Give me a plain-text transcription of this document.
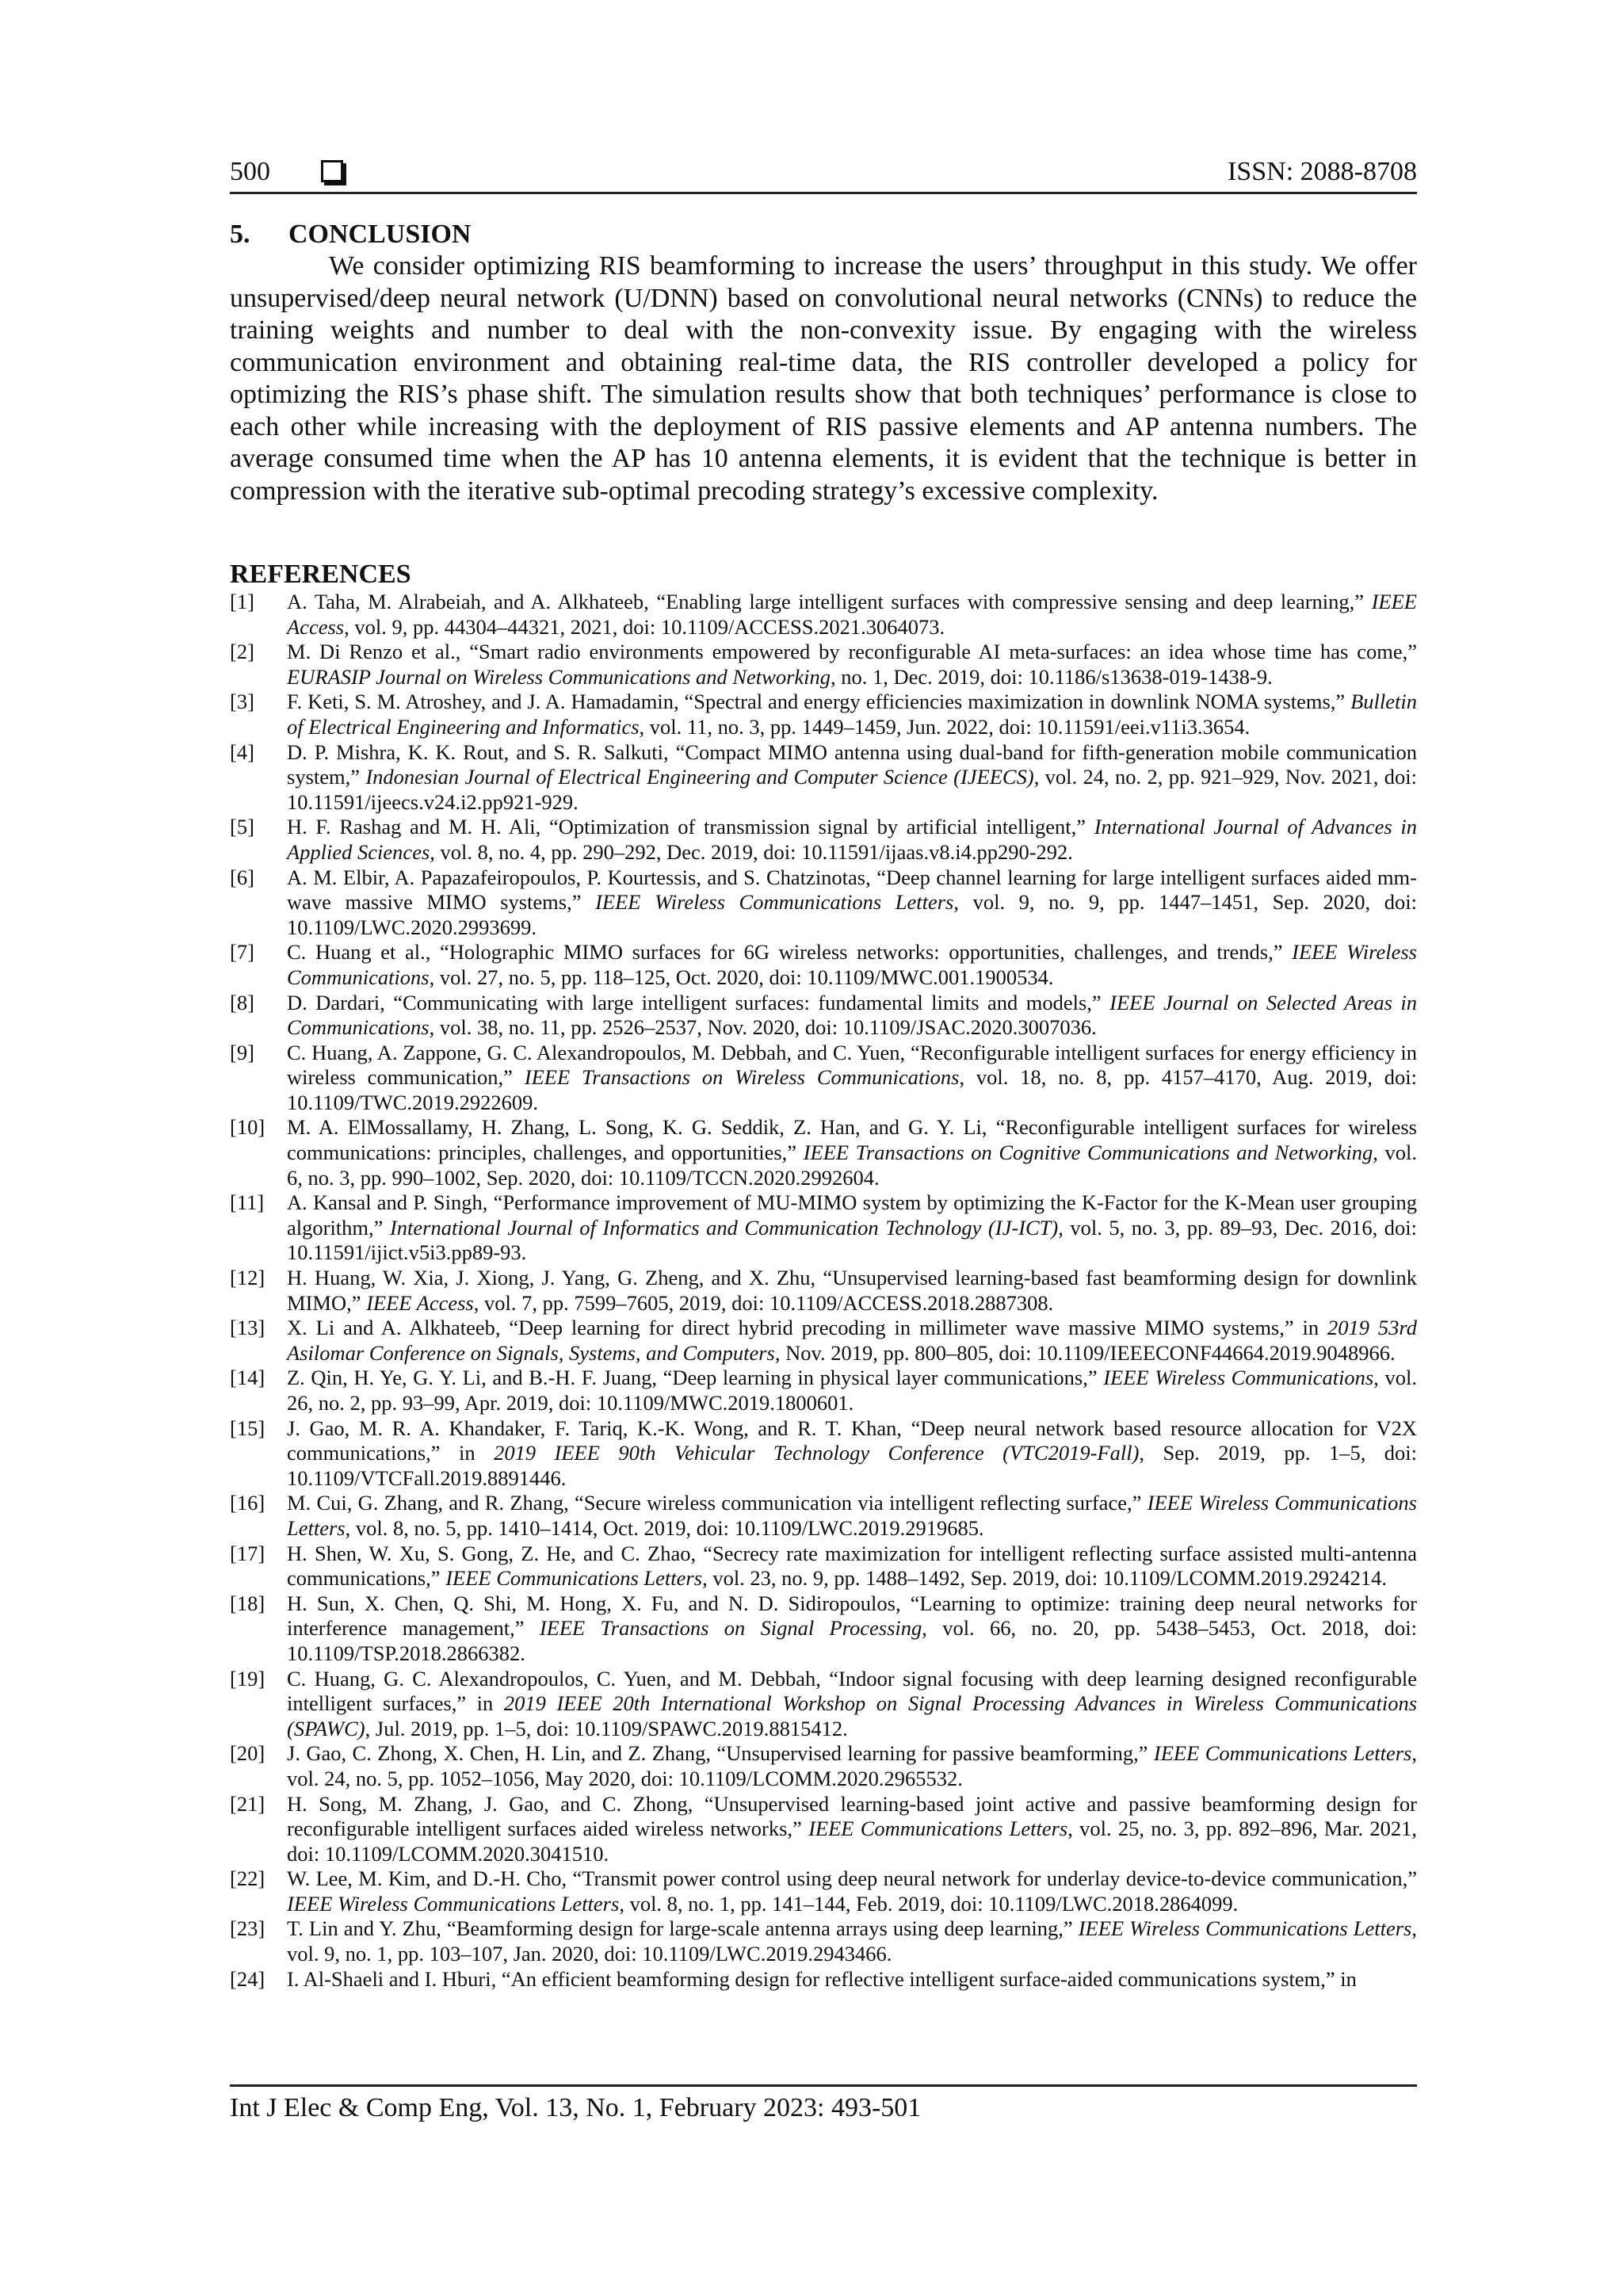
500	ISSN: 2088-8708
5. CONCLUSION

We consider optimizing RIS beamforming to increase the users’ throughput in this study. We offer unsupervised/deep neural network (U/DNN) based on convolutional neural networks (CNNs) to reduce the training weights and number to deal with the non-convexity issue. By engaging with the wireless communication environment and obtaining real-time data, the RIS controller developed a policy for optimizing the RIS’s phase shift. The simulation results show that both techniques’ performance is close to each other while increasing with the deployment of RIS passive elements and AP antenna numbers. The average consumed time when the AP has 10 antenna elements, it is evident that the technique is better in compression with the iterative sub-optimal precoding strategy’s excessive complexity.

REFERENCES
[1] A. Taha, M. Alrabeiah, and A. Alkhateeb, “Enabling large intelligent surfaces with compressive sensing and deep learning,” IEEE Access, vol. 9, pp. 44304–44321, 2021, doi: 10.1109/ACCESS.2021.3064073.
[2] M. Di Renzo et al., “Smart radio environments empowered by reconfigurable AI meta-surfaces: an idea whose time has come,” EURASIP Journal on Wireless Communications and Networking, no. 1, Dec. 2019, doi: 10.1186/s13638-019-1438-9.
[3] F. Keti, S. M. Atroshey, and J. A. Hamadamin, “Spectral and energy efficiencies maximization in downlink NOMA systems,” Bulletin of Electrical Engineering and Informatics, vol. 11, no. 3, pp. 1449–1459, Jun. 2022, doi: 10.11591/eei.v11i3.3654.
[4] D. P. Mishra, K. K. Rout, and S. R. Salkuti, “Compact MIMO antenna using dual-band for fifth-generation mobile communication system,” Indonesian Journal of Electrical Engineering and Computer Science (IJEECS), vol. 24, no. 2, pp. 921–929, Nov. 2021, doi: 10.11591/ijeecs.v24.i2.pp921-929.
[5] H. F. Rashag and M. H. Ali, “Optimization of transmission signal by artificial intelligent,” International Journal of Advances in Applied Sciences, vol. 8, no. 4, pp. 290–292, Dec. 2019, doi: 10.11591/ijaas.v8.i4.pp290-292.
[6] A. M. Elbir, A. Papazafeiropoulos, P. Kourtessis, and S. Chatzinotas, “Deep channel learning for large intelligent surfaces aided mm-wave massive MIMO systems,” IEEE Wireless Communications Letters, vol. 9, no. 9, pp. 1447–1451, Sep. 2020, doi: 10.1109/LWC.2020.2993699.
[7] C. Huang et al., “Holographic MIMO surfaces for 6G wireless networks: opportunities, challenges, and trends,” IEEE Wireless Communications, vol. 27, no. 5, pp. 118–125, Oct. 2020, doi: 10.1109/MWC.001.1900534.
[8] D. Dardari, “Communicating with large intelligent surfaces: fundamental limits and models,” IEEE Journal on Selected Areas in Communications, vol. 38, no. 11, pp. 2526–2537, Nov. 2020, doi: 10.1109/JSAC.2020.3007036.
[9] C. Huang, A. Zappone, G. C. Alexandropoulos, M. Debbah, and C. Yuen, “Reconfigurable intelligent surfaces for energy efficiency in wireless communication,” IEEE Transactions on Wireless Communications, vol. 18, no. 8, pp. 4157–4170, Aug. 2019, doi: 10.1109/TWC.2019.2922609.
[10] M. A. ElMossallamy, H. Zhang, L. Song, K. G. Seddik, Z. Han, and G. Y. Li, “Reconfigurable intelligent surfaces for wireless communications: principles, challenges, and opportunities,” IEEE Transactions on Cognitive Communications and Networking, vol. 6, no. 3, pp. 990–1002, Sep. 2020, doi: 10.1109/TCCN.2020.2992604.
[11] A. Kansal and P. Singh, “Performance improvement of MU-MIMO system by optimizing the K-Factor for the K-Mean user grouping algorithm,” International Journal of Informatics and Communication Technology (IJ-ICT), vol. 5, no. 3, pp. 89–93, Dec. 2016, doi: 10.11591/ijict.v5i3.pp89-93.
[12] H. Huang, W. Xia, J. Xiong, J. Yang, G. Zheng, and X. Zhu, “Unsupervised learning-based fast beamforming design for downlink MIMO,” IEEE Access, vol. 7, pp. 7599–7605, 2019, doi: 10.1109/ACCESS.2018.2887308.
[13] X. Li and A. Alkhateeb, “Deep learning for direct hybrid precoding in millimeter wave massive MIMO systems,” in 2019 53rd Asilomar Conference on Signals, Systems, and Computers, Nov. 2019, pp. 800–805, doi: 10.1109/IEEECONF44664.2019.9048966.
[14] Z. Qin, H. Ye, G. Y. Li, and B.-H. F. Juang, “Deep learning in physical layer communications,” IEEE Wireless Communications, vol. 26, no. 2, pp. 93–99, Apr. 2019, doi: 10.1109/MWC.2019.1800601.
[15] J. Gao, M. R. A. Khandaker, F. Tariq, K.-K. Wong, and R. T. Khan, “Deep neural network based resource allocation for V2X communications,” in 2019 IEEE 90th Vehicular Technology Conference (VTC2019-Fall), Sep. 2019, pp. 1–5, doi: 10.1109/VTCFall.2019.8891446.
[16] M. Cui, G. Zhang, and R. Zhang, “Secure wireless communication via intelligent reflecting surface,” IEEE Wireless Communications Letters, vol. 8, no. 5, pp. 1410–1414, Oct. 2019, doi: 10.1109/LWC.2019.2919685.
[17] H. Shen, W. Xu, S. Gong, Z. He, and C. Zhao, “Secrecy rate maximization for intelligent reflecting surface assisted multi-antenna communications,” IEEE Communications Letters, vol. 23, no. 9, pp. 1488–1492, Sep. 2019, doi: 10.1109/LCOMM.2019.2924214.
[18] H. Sun, X. Chen, Q. Shi, M. Hong, X. Fu, and N. D. Sidiropoulos, “Learning to optimize: training deep neural networks for interference management,” IEEE Transactions on Signal Processing, vol. 66, no. 20, pp. 5438–5453, Oct. 2018, doi: 10.1109/TSP.2018.2866382.
[19] C. Huang, G. C. Alexandropoulos, C. Yuen, and M. Debbah, “Indoor signal focusing with deep learning designed reconfigurable intelligent surfaces,” in 2019 IEEE 20th International Workshop on Signal Processing Advances in Wireless Communications (SPAWC), Jul. 2019, pp. 1–5, doi: 10.1109/SPAWC.2019.8815412.
[20] J. Gao, C. Zhong, X. Chen, H. Lin, and Z. Zhang, “Unsupervised learning for passive beamforming,” IEEE Communications Letters, vol. 24, no. 5, pp. 1052–1056, May 2020, doi: 10.1109/LCOMM.2020.2965532.
[21] H. Song, M. Zhang, J. Gao, and C. Zhong, “Unsupervised learning-based joint active and passive beamforming design for reconfigurable intelligent surfaces aided wireless networks,” IEEE Communications Letters, vol. 25, no. 3, pp. 892–896, Mar. 2021, doi: 10.1109/LCOMM.2020.3041510.
[22] W. Lee, M. Kim, and D.-H. Cho, “Transmit power control using deep neural network for underlay device-to-device communication,” IEEE Wireless Communications Letters, vol. 8, no. 1, pp. 141–144, Feb. 2019, doi: 10.1109/LWC.2018.2864099.
[23] T. Lin and Y. Zhu, “Beamforming design for large-scale antenna arrays using deep learning,” IEEE Wireless Communications Letters, vol. 9, no. 1, pp. 103–107, Jan. 2020, doi: 10.1109/LWC.2019.2943466.
[24] I. Al-Shaeli and I. Hburi, “An efficient beamforming design for reflective intelligent surface-aided communications system,” in
Int J Elec & Comp Eng, Vol. 13, No. 1, February 2023: 493-501
